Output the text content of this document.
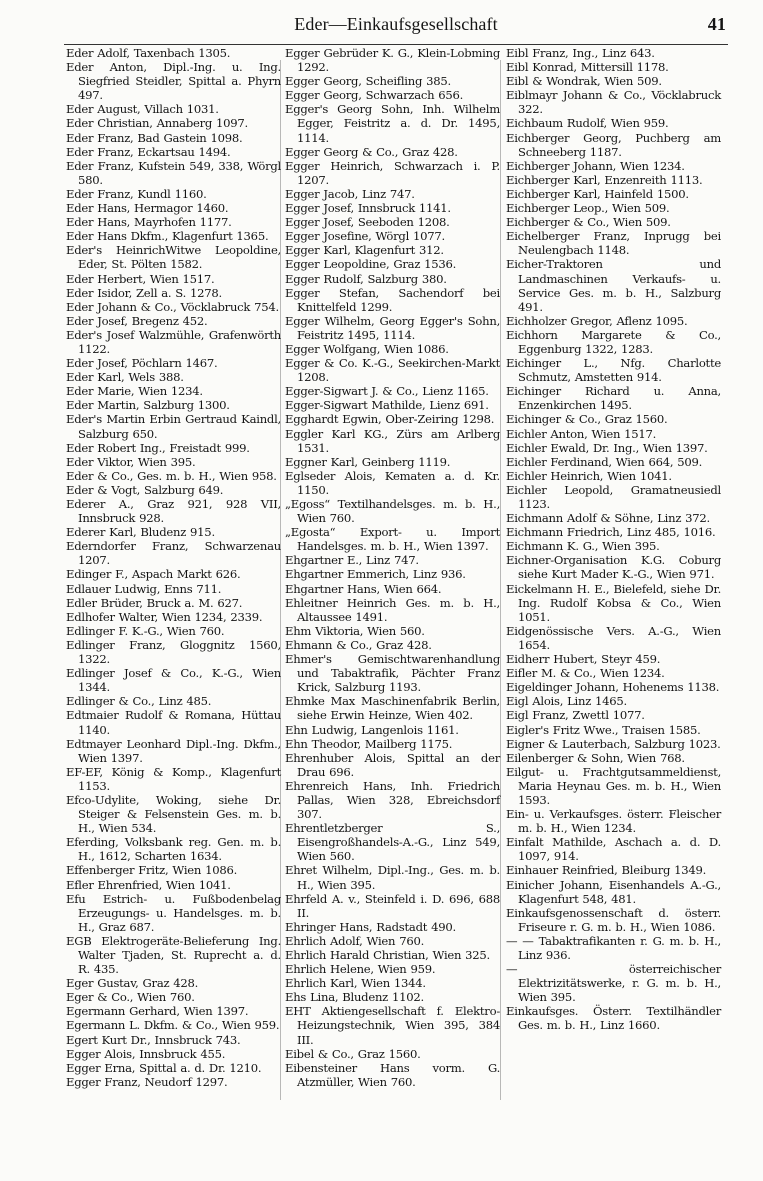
Eder—Einkaufsgesellschaft	41
Eder Adolf, Taxenbach 1305.
Eder Anton, Dipl.-Ing. u. Ing. Siegfried Steidler, Spittal a. Phyrn 497.
Eder August, Villach 1031.
Eder Christian, Annaberg 1097.
Eder Franz, Bad Gastein 1098.
Eder Franz, Eckartsau 1494.
Eder Franz, Kufstein 549, 338, Wörgl 580.
Eder Franz, Kundl 1160.
Eder Hans, Hermagor 1460.
Eder Hans, Mayrhofen 1177.
Eder Hans Dkfm., Klagenfurt 1365.
Eder's HeinrichWitwe Leopoldine, Eder, St. Pölten 1582.
Eder Herbert, Wien 1517.
Eder Isidor, Zell a. S. 1278.
Eder Johann & Co., Vöcklabruck 754.
Eder Josef, Bregenz 452.
Eder's Josef Walzmühle, Grafenwörth 1122.
Eder Josef, Pöchlarn 1467.
Eder Karl, Wels 388.
Eder Marie, Wien 1234.
Eder Martin, Salzburg 1300.
Eder's Martin Erbin Gertraud Kaindl, Salzburg 650.
Eder Robert Ing., Freistadt 999.
Eder Viktor, Wien 395.
Eder & Co., Ges. m. b. H., Wien 958.
Eder & Vogt, Salzburg 649.
Ederer A., Graz 921, 928 VII, Innsbruck 928.
Ederer Karl, Bludenz 915.
Ederndorfer Franz, Schwarzenau 1207.
Edinger F., Aspach Markt 626.
Edlauer Ludwig, Enns 711.
Edler Brüder, Bruck a. M. 627.
Edlhofer Walter, Wien 1234, 2339.
Edlinger F. K.-G., Wien 760.
Edlinger Franz, Gloggnitz 1560, 1322.
Edlinger Josef & Co., K.-G., Wien 1344.
Edlinger & Co., Linz 485.
Edtmaier Rudolf & Romana, Hüttau 1140.
Edtmayer Leonhard Dipl.-Ing. Dkfm., Wien 1397.
EF-EF, König & Komp., Klagenfurt 1153.
Efco-Udylite, Woking, siehe Dr. Steiger & Felsenstein Ges. m. b. H., Wien 534.
Eferding, Volksbank reg. Gen. m. b. H., 1612, Scharten 1634.
Effenberger Fritz, Wien 1086.
Efler Ehrenfried, Wien 1041.
Efu Estrich- u. Fußbodenbelag Erzeugungs- u. Handelsges. m. b. H., Graz 687.
EGB Elektrogeräte-Belieferung Ing. Walter Tjaden, St. Ruprecht a. d. R. 435.
Eger Gustav, Graz 428.
Eger & Co., Wien 760.
Egermann Gerhard, Wien 1397.
Egermann L. Dkfm. & Co., Wien 959.
Egert Kurt Dr., Innsbruck 743.
Egger Alois, Innsbruck 455.
Egger Erna, Spittal a. d. Dr. 1210.
Egger Franz, Neudorf 1297.
Egger Gebrüder K. G., Klein-Lobming 1292.
Egger Georg, Scheifling 385.
Egger Georg, Schwarzach 656.
Egger's Georg Sohn, Inh. Wilhelm Egger, Feistritz a. d. Dr. 1495, 1114.
Egger Georg & Co., Graz 428.
Egger Heinrich, Schwarzach i. P. 1207.
Egger Jacob, Linz 747.
Egger Josef, Innsbruck 1141.
Egger Josef, Seeboden 1208.
Egger Josefine, Wörgl 1077.
Egger Karl, Klagenfurt 312.
Egger Leopoldine, Graz 1536.
Egger Rudolf, Salzburg 380.
Egger Stefan, Sachendorf bei Knittelfeld 1299.
Egger Wilhelm, Georg Egger's Sohn, Feistritz 1495, 1114.
Egger Wolfgang, Wien 1086.
Egger & Co. K.-G., Seekirchen-Markt 1208.
Egger-Sigwart J. & Co., Lienz 1165.
Egger-Sigwart Mathilde, Lienz 691.
Egghardt Egwin, Ober-Zeiring 1298.
Eggler Karl KG., Zürs am Arlberg 1531.
Eggner Karl, Geinberg 1119.
Eglseder Alois, Kematen a. d. Kr. 1150.
„Egoss“ Textilhandelsges. m. b. H., Wien 760.
„Egosta“ Export- u. Import Handelsges. m. b. H., Wien 1397.
Ehgartner E., Linz 747.
Ehgartner Emmerich, Linz 936.
Ehgartner Hans, Wien 664.
Ehleitner Heinrich Ges. m. b. H., Altaussee 1491.
Ehm Viktoria, Wien 560.
Ehmann & Co., Graz 428.
Ehmer's Gemischtwarenhandlung und Tabaktrafik, Pächter Franz Krick, Salzburg 1193.
Ehmke Max Maschinenfabrik Berlin, siehe Erwin Heinze, Wien 402.
Ehn Ludwig, Langenlois 1161.
Ehn Theodor, Mailberg 1175.
Ehrenhuber Alois, Spittal an der Drau 696.
Ehrenreich Hans, Inh. Friedrich Pallas, Wien 328, Ebreichsdorf 307.
Ehrentletzberger S., Eisengroßhandels-A.-G., Linz 549, Wien 560.
Ehret Wilhelm, Dipl.-Ing., Ges. m. b. H., Wien 395.
Ehrfeld A. v., Steinfeld i. D. 696, 688 II.
Ehringer Hans, Radstadt 490.
Ehrlich Adolf, Wien 760.
Ehrlich Harald Christian, Wien 325.
Ehrlich Helene, Wien 959.
Ehrlich Karl, Wien 1344.
Ehs Lina, Bludenz 1102.
EHT Aktiengesellschaft f. Elektro-Heizungstechnik, Wien 395, 384 III.
Eibel & Co., Graz 1560.
Eibensteiner Hans vorm. G. Atzmüller, Wien 760.
Eibl Franz, Ing., Linz 643.
Eibl Konrad, Mittersill 1178.
Eibl & Wondrak, Wien 509.
Eiblmayr Johann & Co., Vöcklabruck 322.
Eichbaum Rudolf, Wien 959.
Eichberger Georg, Puchberg am Schneeberg 1187.
Eichberger Johann, Wien 1234.
Eichberger Karl, Enzenreith 1113.
Eichberger Karl, Hainfeld 1500.
Eichberger Leop., Wien 509.
Eichberger & Co., Wien 509.
Eichelberger Franz, Inprugg bei Neulengbach 1148.
Eicher-Traktoren und Landmaschinen Verkaufs- u. Service Ges. m. b. H., Salzburg 491.
Eichholzer Gregor, Aflenz 1095.
Eichhorn Margarete & Co., Eggenburg 1322, 1283.
Eichinger L., Nfg. Charlotte Schmutz, Amstetten 914.
Eichinger Richard u. Anna, Enzenkirchen 1495.
Eichinger & Co., Graz 1560.
Eichler Anton, Wien 1517.
Eichler Ewald, Dr. Ing., Wien 1397.
Eichler Ferdinand, Wien 664, 509.
Eichler Heinrich, Wien 1041.
Eichler Leopold, Gramatneusiedl 1123.
Eichmann Adolf & Söhne, Linz 372.
Eichmann Friedrich, Linz 485, 1016.
Eichmann K. G., Wien 395.
Eichner-Organisation K.G. Coburg siehe Kurt Mader K.-G., Wien 971.
Eickelmann H. E., Bielefeld, siehe Dr. Ing. Rudolf Kobsa & Co., Wien 1051.
Eidgenössische Vers. A.-G., Wien 1654.
Eidherr Hubert, Steyr 459.
Eifler M. & Co., Wien 1234.
Eigeldinger Johann, Hohenems 1138.
Eigl Alois, Linz 1465.
Eigl Franz, Zwettl 1077.
Eigler's Fritz Wwe., Traisen 1585.
Eigner & Lauterbach, Salzburg 1023.
Eilenberger & Sohn, Wien 768.
Eilgut- u. Frachtgutsammeldienst, Maria Heynau Ges. m. b. H., Wien 1593.
Ein- u. Verkaufsges. österr. Fleischer m. b. H., Wien 1234.
Einfalt Mathilde, Aschach a. d. D. 1097, 914.
Einhauer Reinfried, Bleiburg 1349.
Einicher Johann, Eisenhandels A.-G., Klagenfurt 548, 481.
Einkaufsgenossenschaft d. österr. Friseure r. G. m. b. H., Wien 1086.
— — Tabaktrafikanten r. G. m. b. H., Linz 936.
— österreichischer Elektrizitätswerke, r. G. m. b. H., Wien 395.
Einkaufsges. Österr. Textilhändler Ges. m. b. H., Linz 1660.
